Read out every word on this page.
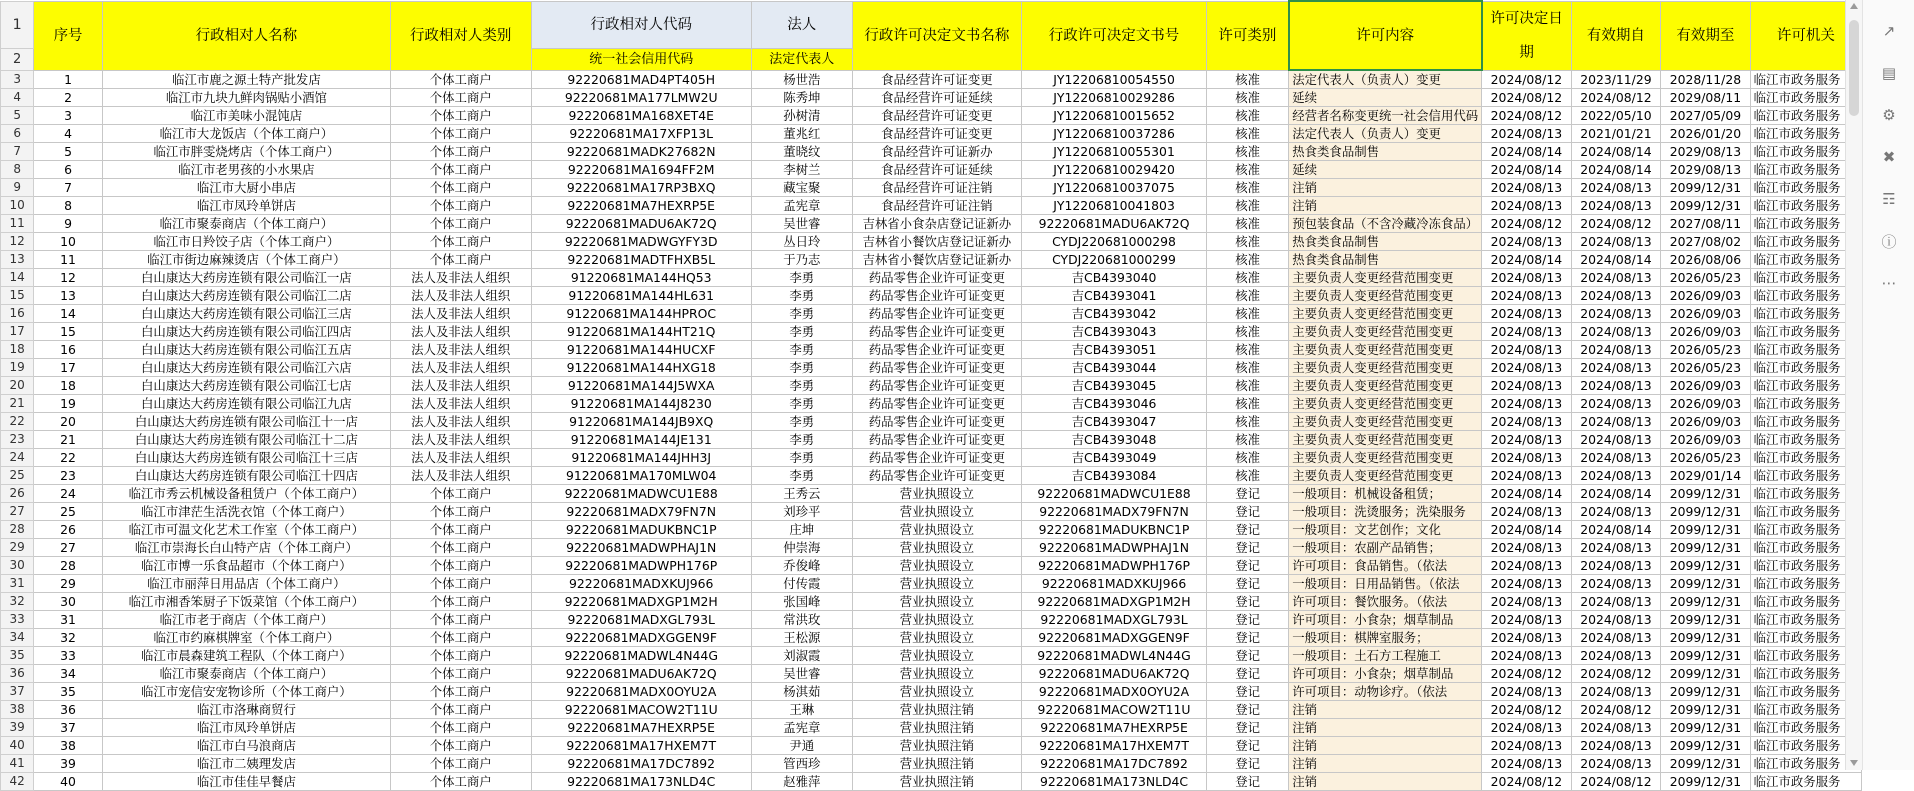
1	序号	行政相对人名称	行政相对人类别	行政相对人代码	法人	行政许可决定文书名称	行政许可决定文书号	许可类别	许可内容	许可决定日期	有效期自	有效期至	许可机关
2				统一社会信用代码	法定代表人								
3	1	临江市鹿之源土特产批发店	个体工商户	92220681MAD4PT405H	杨世浩	食品经营许可证变更	JY12206810054550	核准	法定代表人（负责人）变更	2024/08/12	2023/11/29	2028/11/28	临江市政务服务
4	2	临江市九块九鲜肉锅贴小酒馆	个体工商户	92220681MA177LMW2U	陈秀坤	食品经营许可证延续	JY12206810029286	核准	延续	2024/08/12	2024/08/12	2029/08/11	临江市政务服务
5	3	临江市美味小混饨店	个体工商户	92220681MA168XET4E	孙树清	食品经营许可证变更	JY12206810015652	核准	经营者名称变更统一社会信用代码	2024/08/12	2022/05/10	2027/05/09	临江市政务服务
6	4	临江市大龙饭店（个体工商户）	个体工商户	92220681MA17XFP13L	董兆红	食品经营许可证变更	JY12206810037286	核准	法定代表人（负责人）变更	2024/08/13	2021/01/21	2026/01/20	临江市政务服务
7	5	临江市胖雯烧烤店（个体工商户）	个体工商户	92220681MADK27682N	董晓纹	食品经营许可证新办	JY12206810055301	核准	热食类食品制售	2024/08/14	2024/08/14	2029/08/13	临江市政务服务
8	6	临江市老男孩的小水果店	个体工商户	92220681MA1694FF2M	李树兰	食品经营许可证延续	JY12206810029420	核准	延续	2024/08/14	2024/08/14	2029/08/13	临江市政务服务
9	7	临江市大厨小串店	个体工商户	92220681MA17RP3BXQ	藏宝聚	食品经营许可证注销	JY12206810037075	核准	注销	2024/08/13	2024/08/13	2099/12/31	临江市政务服务
10	8	临江市凤玲单饼店	个体工商户	92220681MA7HEXRP5E	孟宪章	食品经营许可证注销	JY12206810041803	核准	注销	2024/08/13	2024/08/13	2099/12/31	临江市政务服务
11	9	临江市聚泰商店（个体工商户）	个体工商户	92220681MADU6AK72Q	吴世睿	吉林省小食杂店登记证新办	92220681MADU6AK72Q	核准	预包装食品（不含冷藏冷冻食品）	2024/08/12	2024/08/12	2027/08/11	临江市政务服务
12	10	临江市日羚饺子店（个体工商户）	个体工商户	92220681MADWGYFY3D	丛日玲	吉林省小餐饮店登记证新办	CYDJ220681000298	核准	热食类食品制售	2024/08/13	2024/08/13	2027/08/02	临江市政务服务
13	11	临江市街边麻辣烫店（个体工商户）	个体工商户	92220681MADTFHXB5L	于乃志	吉林省小餐饮店登记证新办	CYDJ220681000299	核准	热食类食品制售	2024/08/14	2024/08/14	2026/08/06	临江市政务服务
14	12	白山康达大药房连锁有限公司临江一店	法人及非法人组织	91220681MA144HQ53	李勇	药品零售企业许可证变更	吉CB4393040	核准	主要负责人变更经营范围变更	2024/08/13	2024/08/13	2026/05/23	临江市政务服务
15	13	白山康达大药房连锁有限公司临江二店	法人及非法人组织	91220681MA144HL631	李勇	药品零售企业许可证变更	吉CB4393041	核准	主要负责人变更经营范围变更	2024/08/13	2024/08/13	2026/09/03	临江市政务服务
16	14	白山康达大药房连锁有限公司临江三店	法人及非法人组织	91220681MA144HPROC	李勇	药品零售企业许可证变更	吉CB4393042	核准	主要负责人变更经营范围变更	2024/08/13	2024/08/13	2026/09/03	临江市政务服务
17	15	白山康达大药房连锁有限公司临江四店	法人及非法人组织	91220681MA144HT21Q	李勇	药品零售企业许可证变更	吉CB4393043	核准	主要负责人变更经营范围变更	2024/08/13	2024/08/13	2026/09/03	临江市政务服务
18	16	白山康达大药房连锁有限公司临江五店	法人及非法人组织	91220681MA144HUCXF	李勇	药品零售企业许可证变更	吉CB4393051	核准	主要负责人变更经营范围变更	2024/08/13	2024/08/13	2026/05/23	临江市政务服务
19	17	白山康达大药房连锁有限公司临江六店	法人及非法人组织	91220681MA144HXG18	李勇	药品零售企业许可证变更	吉CB4393044	核准	主要负责人变更经营范围变更	2024/08/13	2024/08/13	2026/05/23	临江市政务服务
20	18	白山康达大药房连锁有限公司临江七店	法人及非法人组织	91220681MA144J5WXA	李勇	药品零售企业许可证变更	吉CB4393045	核准	主要负责人变更经营范围变更	2024/08/13	2024/08/13	2026/09/03	临江市政务服务
21	19	白山康达大药房连锁有限公司临江九店	法人及非法人组织	91220681MA144J8230	李勇	药品零售企业许可证变更	吉CB4393046	核准	主要负责人变更经营范围变更	2024/08/13	2024/08/13	2026/09/03	临江市政务服务
22	20	白山康达大药房连锁有限公司临江十一店	法人及非法人组织	91220681MA144JB9XQ	李勇	药品零售企业许可证变更	吉CB4393047	核准	主要负责人变更经营范围变更	2024/08/13	2024/08/13	2026/09/03	临江市政务服务
23	21	白山康达大药房连锁有限公司临江十二店	法人及非法人组织	91220681MA144JE131	李勇	药品零售企业许可证变更	吉CB4393048	核准	主要负责人变更经营范围变更	2024/08/13	2024/08/13	2026/09/03	临江市政务服务
24	22	白山康达大药房连锁有限公司临江十三店	法人及非法人组织	91220681MA144JHH3J	李勇	药品零售企业许可证变更	吉CB4393049	核准	主要负责人变更经营范围变更	2024/08/13	2024/08/13	2026/05/23	临江市政务服务
25	23	白山康达大药房连锁有限公司临江十四店	法人及非法人组织	91220681MA170MLW04	李勇	药品零售企业许可证变更	吉CB4393084	核准	主要负责人变更经营范围变更	2024/08/13	2024/08/13	2029/01/14	临江市政务服务
26	24	临江市秀云机械设备租赁户（个体工商户）	个体工商户	92220681MADWCU1E88	王秀云	营业执照设立	92220681MADWCU1E88	登记	一般项目：机械设备租赁；	2024/08/14	2024/08/14	2099/12/31	临江市政务服务
27	25	临江市津茫生活洗衣馆（个体工商户）	个体工商户	92220681MADX79FN7N	刘珍平	营业执照设立	92220681MADX79FN7N	登记	一般项目：洗烫服务；洗染服务	2024/08/13	2024/08/13	2099/12/31	临江市政务服务
28	26	临江市可温文化艺术工作室（个体工商户）	个体工商户	92220681MADUKBNC1P	庄坤	营业执照设立	92220681MADUKBNC1P	登记	一般项目：文艺创作；文化	2024/08/14	2024/08/14	2099/12/31	临江市政务服务
29	27	临江市崇海长白山特产店（个体工商户）	个体工商户	92220681MADWPHAJ1N	仲崇海	营业执照设立	92220681MADWPHAJ1N	登记	一般项目：农副产品销售；	2024/08/13	2024/08/13	2099/12/31	临江市政务服务
30	28	临江市博一乐食品超市（个体工商户）	个体工商户	92220681MADWPH176P	乔俊峰	营业执照设立	92220681MADWPH176P	登记	许可项目：食品销售。（依法	2024/08/13	2024/08/13	2099/12/31	临江市政务服务
31	29	临江市丽萍日用品店（个体工商户）	个体工商户	92220681MADXKUJ966	付传霞	营业执照设立	92220681MADXKUJ966	登记	一般项目：日用品销售。（依法	2024/08/13	2024/08/13	2099/12/31	临江市政务服务
32	30	临江市湘香笨厨子下饭菜馆（个体工商户）	个体工商户	92220681MADXGP1M2H	张国峰	营业执照设立	92220681MADXGP1M2H	登记	许可项目：餐饮服务。（依法	2024/08/13	2024/08/13	2099/12/31	临江市政务服务
33	31	临江市老于商店（个体工商户）	个体工商户	92220681MADXGL793L	常洪玫	营业执照设立	92220681MADXGL793L	登记	许可项目：小食杂；烟草制品	2024/08/13	2024/08/13	2099/12/31	临江市政务服务
34	32	临江市约麻棋牌室（个体工商户）	个体工商户	92220681MADXGGEN9F	王松源	营业执照设立	92220681MADXGGEN9F	登记	一般项目：棋牌室服务；	2024/08/13	2024/08/13	2099/12/31	临江市政务服务
35	33	临江市晨森建筑工程队（个体工商户）	个体工商户	92220681MADWL4N44G	刘淑霞	营业执照设立	92220681MADWL4N44G	登记	一般项目：土石方工程施工	2024/08/13	2024/08/13	2099/12/31	临江市政务服务
36	34	临江市聚泰商店（个体工商户）	个体工商户	92220681MADU6AK72Q	吴世睿	营业执照设立	92220681MADU6AK72Q	登记	许可项目：小食杂；烟草制品	2024/08/12	2024/08/12	2099/12/31	临江市政务服务
37	35	临江市宠信安宠物诊所（个体工商户）	个体工商户	92220681MADX0OYU2A	杨淇茹	营业执照设立	92220681MADX0OYU2A	登记	许可项目：动物诊疗。（依法	2024/08/13	2024/08/13	2099/12/31	临江市政务服务
38	36	临江市洛琳商贸行	个体工商户	92220681MACOW2T11U	王琳	营业执照注销	92220681MACOW2T11U	登记	注销	2024/08/12	2024/08/12	2099/12/31	临江市政务服务
39	37	临江市凤玲单饼店	个体工商户	92220681MA7HEXRP5E	孟宪章	营业执照注销	92220681MA7HEXRP5E	登记	注销	2024/08/13	2024/08/13	2099/12/31	临江市政务服务
40	38	临江市白马浪商店	个体工商户	92220681MA17HXEM7T	尹通	营业执照注销	92220681MA17HXEM7T	登记	注销	2024/08/13	2024/08/13	2099/12/31	临江市政务服务
41	39	临江市二姨理发店	个体工商户	92220681MA17DC7892	管西珍	营业执照注销	92220681MA17DC7892	登记	注销	2024/08/13	2024/08/13	2099/12/31	临江市政务服务
42	40	临江市佳佳早餐店	个体工商户	92220681MA173NLD4C	赵雅萍	营业执照注销	92220681MA173NLD4C	登记	注销	2024/08/12	2024/08/12	2099/12/31	临江市政务服务
↗
▤
⚙
✖
☶
ⓘ
⋯
